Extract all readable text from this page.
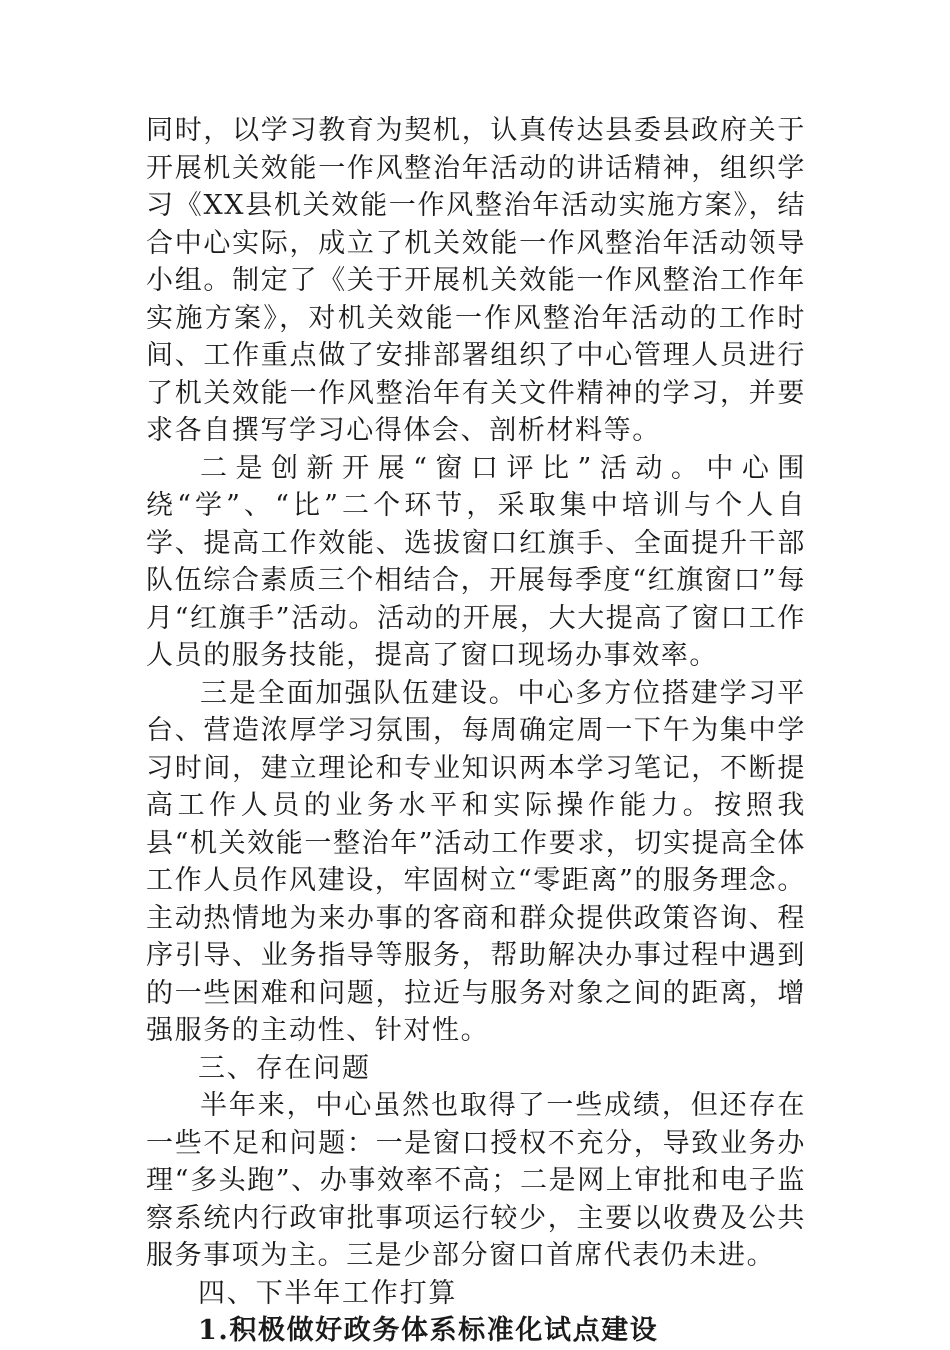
同时，以学习教育为契机，认真传达县委县政府关于开展机关效能一作风整治年活动的讲话精神，组织学习《XX县机关效能一作风整治年活动实施方案》，结合中心实际，成立了机关效能一作风整治年活动领导小组。制定了《关于开展机关效能一作风整治工作年实施方案》，对机关效能一作风整治年活动的工作时间、工作重点做了安排部署组织了中心管理人员进行了机关效能一作风整治年有关文件精神的学习，并要求各自撰写学习心得体会、剖析材料等。

二是创新开展“窗口评比”活动。中心围绕“学”、“比”二个环节，采取集中培训与个人自学、提高工作效能、选拔窗口红旗手、全面提升干部队伍综合素质三个相结合，开展每季度“红旗窗口”每月“红旗手”活动。活动的开展，大大提高了窗口工作人员的服务技能，提高了窗口现场办事效率。

三是全面加强队伍建设。中心多方位搭建学习平台、营造浓厚学习氛围，每周确定周一下午为集中学习时间，建立理论和专业知识两本学习笔记，不断提高工作人员的业务水平和实际操作能力。按照我县“机关效能一整治年”活动工作要求，切实提高全体工作人员作风建设，牢固树立“零距离”的服务理念。主动热情地为来办事的客商和群众提供政策咨询、程序引导、业务指导等服务，帮助解决办事过程中遇到的一些困难和问题，拉近与服务对象之间的距离，增强服务的主动性、针对性。

三、存在问题

半年来，中心虽然也取得了一些成绩，但还存在一些不足和问题：一是窗口授权不充分，导致业务办理“多头跑”、办事效率不高；二是网上审批和电子监察系统内行政审批事项运行较少，主要以收费及公共服务事项为主。三是少部分窗口首席代表仍未进。

四、下半年工作打算

1.积极做好政务体系标准化试点建设
